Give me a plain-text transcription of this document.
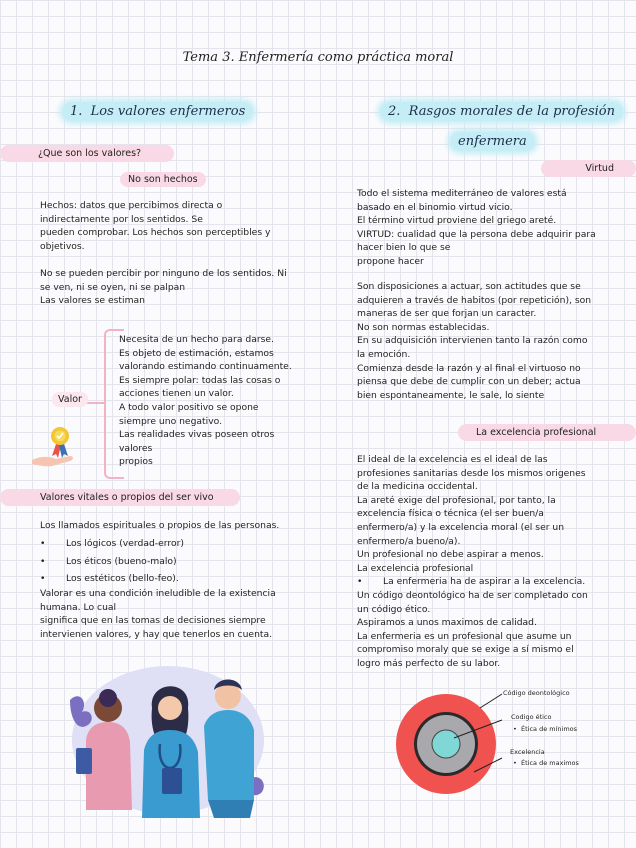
Tema 3. Enfermería como práctica moral
1. Los valores enfermeros
¿Que son los valores?
No son hechos

Hechos: datos que percibimos directa o

indirectamente por los sentidos. Se

pueden comprobar. Los hechos son perceptibles y

objetivos.

No se pueden percibir por ninguno de los sentidos. Ni

se ven, ni se oyen, ni se palpan

Las valores se estiman

Valor

Necesita de un hecho para darse.

Es objeto de estimación, estamos

valorando estimando continuamente.

Es siempre polar: todas las cosas o

acciones tienen un valor.

A todo valor positivo se opone

siempre uno negativo.

Las realidades vivas poseen otros

valores

propios

Valores vitales o propios del ser vivo
Los llamados espirituales o propios de las personas.
•	Los lógicos (verdad-error)
•	Los éticos (bueno-malo)
•	Los estéticos (bello-feo).

Valorar es una condición ineludible de la existencia

humana. Lo cual

significa que en las tomas de decisiones siempre

intervienen valores, y hay que tenerlos en cuenta.

2. Rasgos morales de la profesión
enfermera
Virtud

Todo el sistema mediterráneo de valores está

basado en el binomio virtud vicio.

El término virtud proviene del griego areté.

VIRTUD: cualidad que la persona debe adquirir para

hacer bien lo que se

propone hacer

Son disposiciones a actuar, son actitudes que se

adquieren a través de habitos (por repetición), son

maneras de ser que forjan un caracter.

No son normas establecidas.

En su adquisición intervienen tanto la razón como

la emoción.

Comienza desde la razón y al final el virtuoso no

piensa que debe de cumplir con un deber; actua

bien espontaneamente, le sale, lo siente

La excelencia profesional

El ideal de la excelencia es el ideal de las

profesiones sanitarias desde los mismos origenes

de la medicina occidental.

La areté exige del profesional, por tanto, la

excelencia física o técnica (el ser buen/a

enfermero/a) y la excelencia moral (el ser un

enfermero/a bueno/a).

Un profesional no debe aspirar a menos.

La excelencia profesional

•	La enfermeria ha de aspirar a la excelencia.

Un código deontológico ha de ser completado con

un código ético.

Aspiramos a unos maximos de calidad.

La enfermeria es un profesional que asume un

compromiso moraly que se exige a sí mismo el

logro más perfecto de su labor.

Código deontológico
Codigo ético
• Ética de mínimos
Excelencia
• Ética de maximos
